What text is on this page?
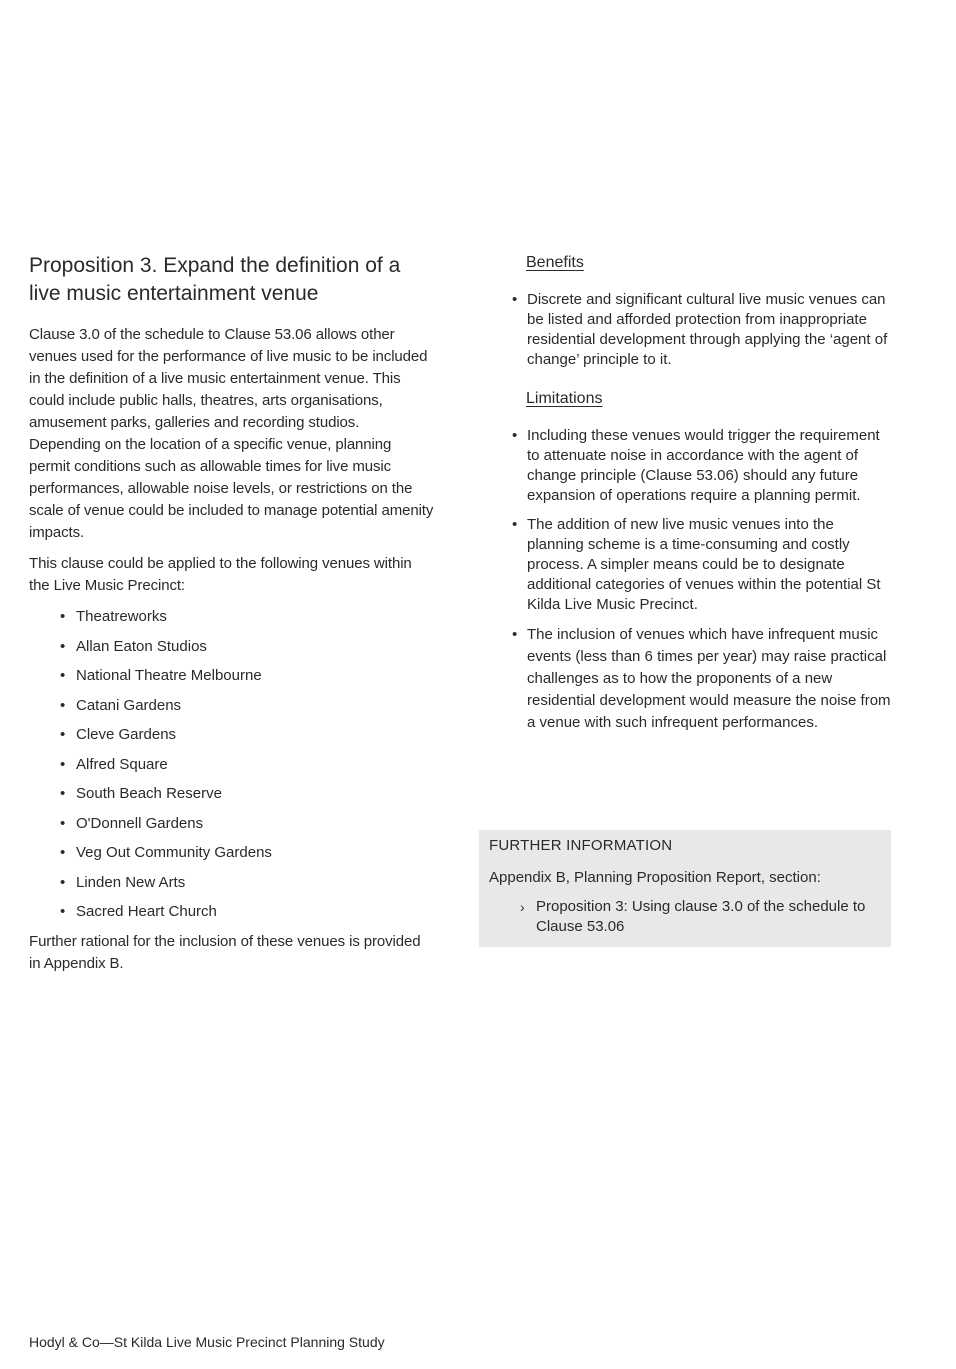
Proposition 3. Expand the definition of a live music entertainment venue

Clause 3.0 of the schedule to Clause 53.06 allows other venues used for the performance of live music to be included in the definition of a live music entertainment venue. This could include public halls, theatres, arts organisations, amusement parks, galleries and recording studios. Depending on the location of a specific venue, planning permit conditions such as allowable times for live music performances, allowable noise levels, or restrictions on the scale of venue could be included to manage potential amenity impacts.

This clause could be applied to the following venues within the Live Music Precinct:

• Theatreworks
• Allan Eaton Studios
• National Theatre Melbourne
• Catani Gardens
• Cleve Gardens
• Alfred Square
• South Beach Reserve
• O'Donnell Gardens
• Veg Out Community Gardens
• Linden New Arts
• Sacred Heart Church

Further rational for the inclusion of these venues is provided in Appendix B.

Benefits
• Discrete and significant cultural live music venues can be listed and afforded protection from inappropriate residential development through applying the ‘agent of change’ principle to it.
Limitations
• Including these venues would trigger the requirement to attenuate noise in accordance with the agent of change principle (Clause 53.06) should any future expansion of operations require a planning permit.
• The addition of new live music venues into the planning scheme is a time-consuming and costly process. A simpler means could be to designate additional categories of venues within the potential St Kilda Live Music Precinct.
• The inclusion of venues which have infrequent music events (less than 6 times per year) may raise practical challenges as to how the proponents of a new residential development would measure the noise from a venue with such infrequent performances.
FURTHER INFORMATION
Appendix B, Planning Proposition Report, section:
› Proposition 3: Using clause 3.0 of the schedule to Clause 53.06
Hodyl & Co—St Kilda Live Music Precinct Planning Study
